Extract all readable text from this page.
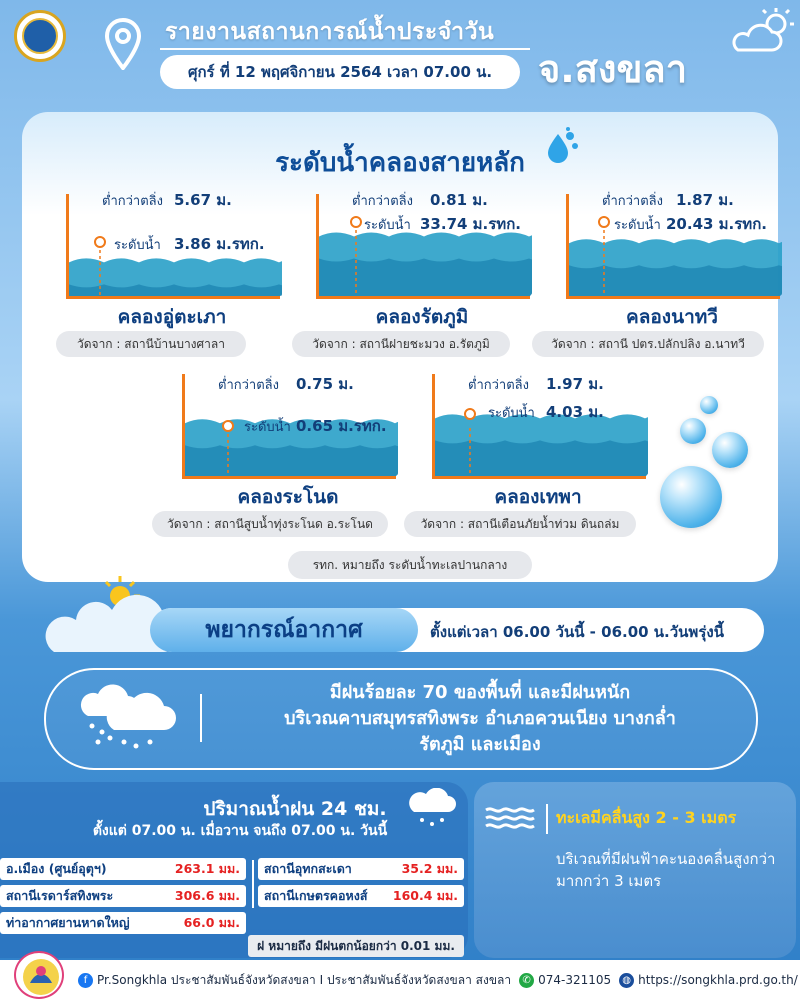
รายงานสถานการณ์น้ำประจำวัน
ศุกร์ ที่ 12 พฤศจิกายน 2564 เวลา 07.00 น.	จ.สงขลา
ระดับน้ำคลองสายหลัก
ต่ำกว่าตลิ่ง 5.67 ม.
ระดับน้ำ 3.86 ม.รทก.
คลองอู่ตะเภา
วัดจาก : สถานีบ้านบางศาลา
ต่ำกว่าตลิ่ง 0.81 ม.
ระดับน้ำ 33.74 ม.รทก.
คลองรัตภูมิ
วัดจาก : สถานีฝายชะมวง อ.รัตภูมิ
ต่ำกว่าตลิ่ง 1.87 ม.
ระดับน้ำ 20.43 ม.รทก.
คลองนาทวี
วัดจาก : สถานี ปตร.ปลักปลิง อ.นาทวี
ต่ำกว่าตลิ่ง 0.75 ม.
ระดับน้ำ 0.65 ม.รทก.
คลองระโนด
วัดจาก : สถานีสูบน้ำทุ่งระโนด อ.ระโนด
ต่ำกว่าตลิ่ง 1.97 ม.
ระดับน้ำ 4.03 ม.
คลองเทพา
วัดจาก : สถานีเตือนภัยน้ำท่วม ดินถล่ม
รทก. หมายถึง ระดับน้ำทะเลปานกลาง
พยากรณ์อากาศ	ตั้งแต่เวลา 06.00 วันนี้ - 06.00 น.วันพรุ่งนี้
มีฝนร้อยละ 70 ของพื้นที่ และมีฝนหนัก
บริเวณคาบสมุทรสทิงพระ อำเภอควนเนียง บางกล่ำ
รัตภูมิ และเมือง
ปริมาณน้ำฝน 24 ชม.
ตั้งแต่ 07.00 น. เมื่อวาน จนถึง 07.00 น. วันนี้
อ.เมือง (ศูนย์อุตุฯ)	263.1 มม.
สถานีเรดาร์สทิงพระ	306.6 มม.
ท่าอากาศยานหาดใหญ่	66.0 มม.
สถานีอุทกสะเดา	35.2 มม.
สถานีเกษตรคอหงส์ 160.4 มม.
ฝ หมายถึง มีฝนตกน้อยกว่า 0.01 มม.
ทะเลมีคลื่นสูง 2 - 3 เมตร
บริเวณที่มีฝนฟ้าคะนองคลื่นสูงกว่ามากกว่า 3 เมตร
f Pr.Songkhla ประชาสัมพันธ์จังหวัดสงขลา I ประชาสัมพันธ์จังหวัดสงขลา สงขลา	✆ 074-321105	◍ https://songkhla.prd.go.th/
